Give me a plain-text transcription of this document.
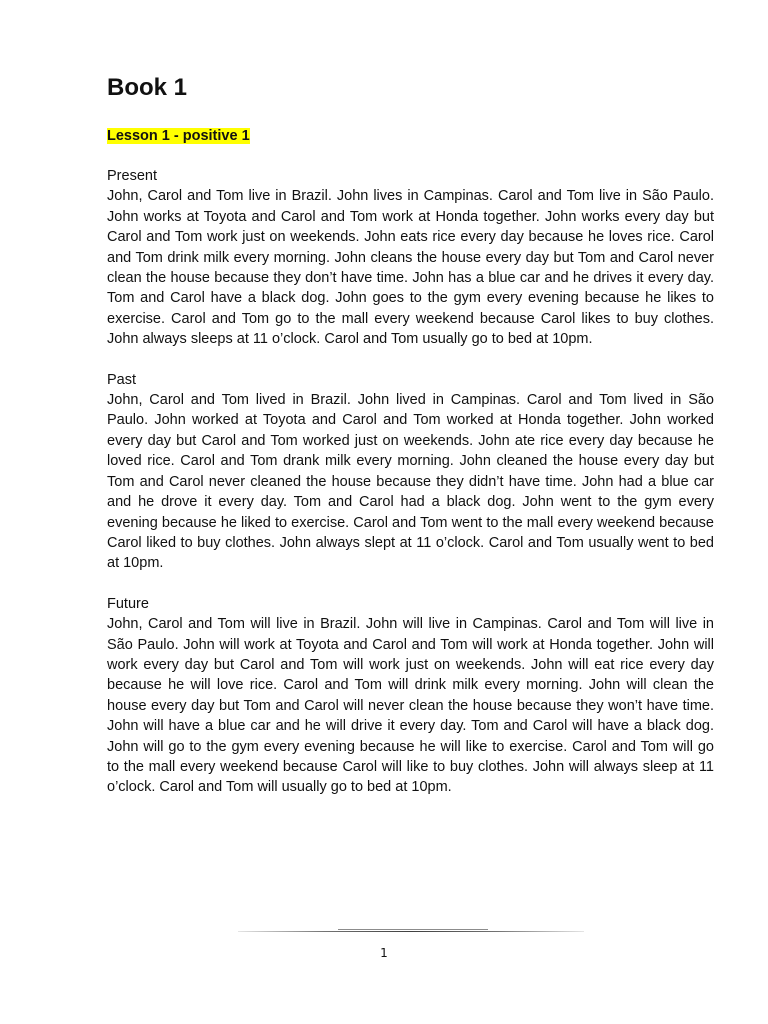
Book 1
Lesson 1 - positive 1
Present

John, Carol and Tom live in Brazil. John lives in Campinas. Carol and Tom live in São Paulo. John works at Toyota and Carol and Tom work at Honda together. John works every day but Carol and Tom work just on weekends. John eats rice every day because he loves rice. Carol and Tom drink milk every morning. John cleans the house every day but Tom and Carol never clean the house because they don’t have time. John has a blue car and he drives it every day. Tom and Carol have a black dog. John goes to the gym every evening because he likes to exercise. Carol and Tom go to the mall every weekend because Carol likes to buy clothes. John always sleeps at 11 o’clock. Carol and Tom usually go to bed at 10pm.

Past

John, Carol and Tom lived in Brazil. John lived in Campinas. Carol and Tom lived in São Paulo. John worked at Toyota and Carol and Tom worked at Honda together. John worked every day but Carol and Tom worked just on weekends. John ate rice every day because he loved rice. Carol and Tom drank milk every morning. John cleaned the house every day but Tom and Carol never cleaned the house because they didn’t have time. John had a blue car and he drove it every day. Tom and Carol had a black dog. John went to the gym every evening because he liked to exercise. Carol and Tom went to the mall every weekend because Carol liked to buy clothes. John always slept at 11 o’clock. Carol and Tom usually went to bed at 10pm.

Future

John, Carol and Tom will live in Brazil. John will live in Campinas. Carol and Tom will live in São Paulo. John will work at Toyota and Carol and Tom will work at Honda together. John will work every day but Carol and Tom will work just on weekends. John will eat rice every day because he will love rice. Carol and Tom will drink milk every morning. John will clean the house every day but Tom and Carol will never clean the house because they won’t have time. John will have a blue car and he will drive it every day. Tom and Carol will have a black dog. John will go to the gym every evening because he will like to exercise. Carol and Tom will go to the mall every weekend because Carol will like to buy clothes. John will always sleep at 11 o’clock. Carol and Tom will usually go to bed at 10pm.

1
